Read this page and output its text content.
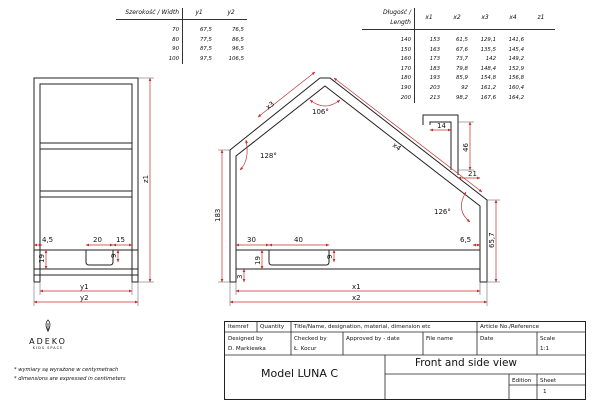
Szerokość / Width	y1	y2
70	67,5	76,5
80	77,5	86,5
90	87,5	96,5
100	97,5	106,5
Długość / Length	x1	x2	x3	x4	z1
140	153	61,5	129,1	141,6	
150	163	67,6	135,5	145,4	
160	173	73,7	142	149,2	
170	183	79,8	148,4	152,9	
180	193	85,9	154,8	156,8	
190	203	92	161,2	160,4	
200	213	98,2	167,6	164,2	
4,5	20 15
19	9
y1
y2
z1
x3
x4
106°
128°
126°
14
46
21
183
65,7
30	40	6,5
19	9
3
x1
x2
ADEKO
KIDS SPACE
* wymiary są wyrażone w centymetrach
* dimensions are expressed in centimeters
Itemref Quantity Title/Name, designation, material, dimension etc	Article No./Reference
Designed by
D. Markiewka
Checked by
Ł. Kocur
Approved by - date	File name	Date	Scale
1:1
Model LUNA C
Front and side view
Edition Sheet
1
